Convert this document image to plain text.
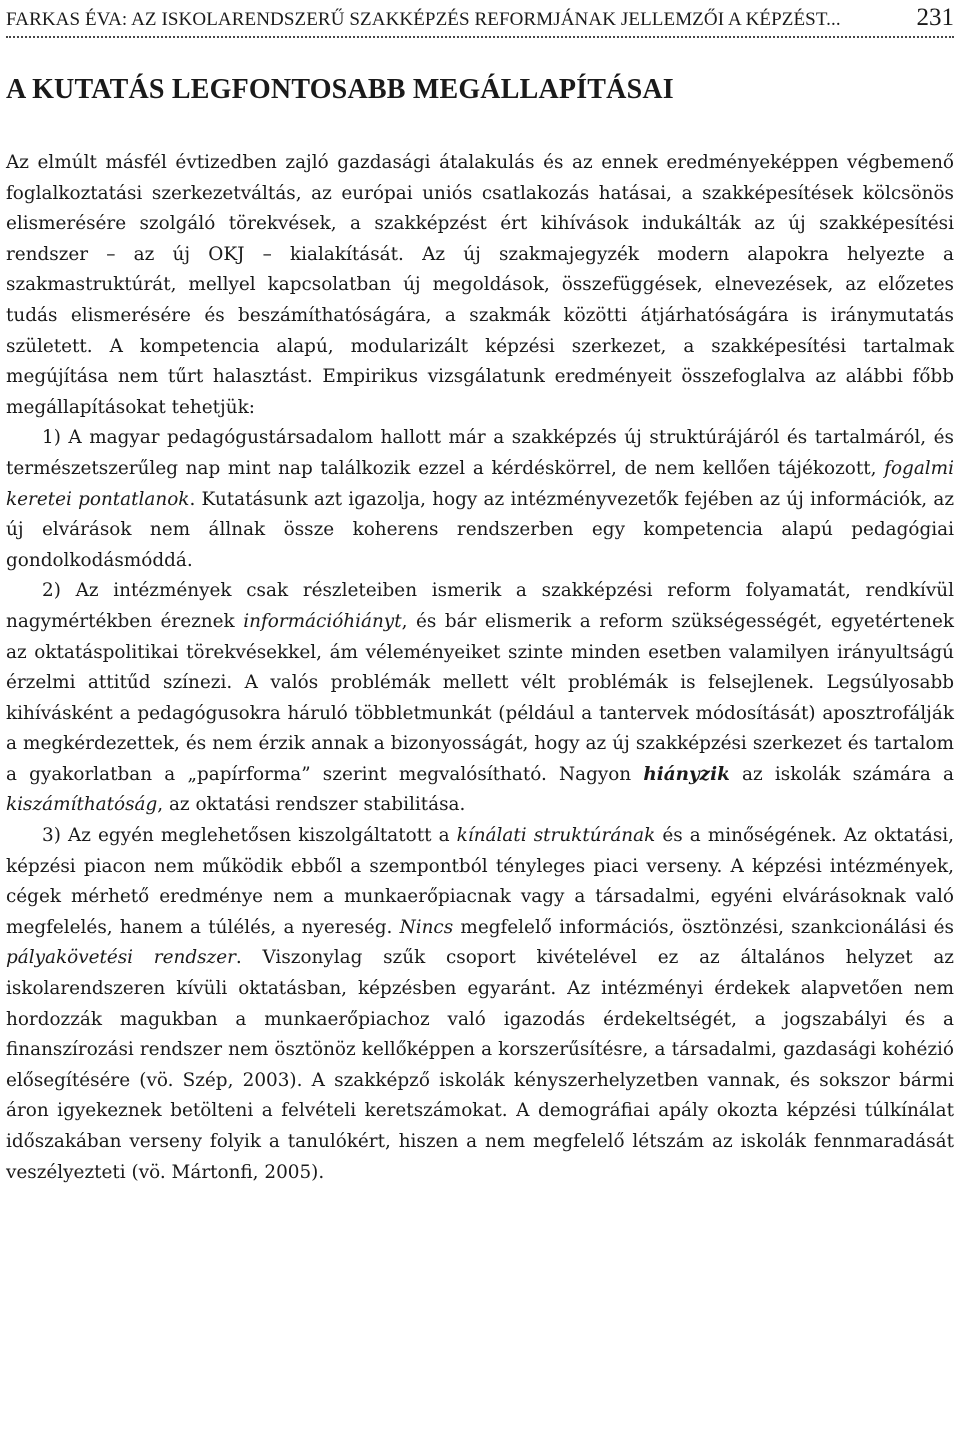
FARKAS ÉVA: AZ ISKOLARENDSZERŰ SZAKKÉPZÉS REFORMJÁNAK JELLEMZŐI A KÉPZÉST...	231
A KUTATÁS LEGFONTOSABB MEGÁLLAPÍTÁSAI

Az elmúlt másfél évtizedben zajló gazdasági átalakulás és az ennek eredményeképpen végbemenő foglalkoztatási szerkezetváltás, az európai uniós csatlakozás hatásai, a szakképesítések kölcsönös elismerésére szolgáló törekvések, a szakképzést ért kihívások indukálták az új szakképesítési rendszer – az új OKJ – kialakítását. Az új szakmajegyzék modern alapokra helyezte a szakmastruktúrát, mellyel kapcsolatban új megoldások, összefüggések, elnevezések, az előzetes tudás elismerésére és beszámíthatóságára, a szakmák közötti átjárhatóságára is iránymutatás született. A kompetencia alapú, modularizált képzési szerkezet, a szakképesítési tartalmak megújítása nem tűrt halasztást. Empirikus vizsgálatunk eredményeit összefoglalva az alábbi főbb megállapításokat tehetjük:

1) A magyar pedagógustársadalom hallott már a szakképzés új struktúrájáról és tartalmáról, és természetszerűleg nap mint nap találkozik ezzel a kérdéskörrel, de nem kellően tájékozott, fogalmi keretei pontatlanok. Kutatásunk azt igazolja, hogy az intézményvezetők fejében az új információk, az új elvárások nem állnak össze koherens rendszerben egy kompetencia alapú pedagógiai gondolkodásmóddá.

2) Az intézmények csak részleteiben ismerik a szakképzési reform folyamatát, rendkívül nagymértékben éreznek információhiányt, és bár elismerik a reform szükségességét, egyetértenek az oktatáspolitikai törekvésekkel, ám véleményeiket szinte minden esetben valamilyen irányultságú érzelmi attitűd színezi. A valós problémák mellett vélt problémák is felsejlenek. Legsúlyosabb kihívásként a pedagógusokra háruló többletmunkát (például a tantervek módosítását) aposztrofálják a megkérdezettek, és nem érzik annak a bizonyosságát, hogy az új szakképzési szerkezet és tartalom a gyakorlatban a „papírforma” szerint megvalósítható. Nagyon hiányzik az iskolák számára a kiszámíthatóság, az oktatási rendszer stabilitása.

3) Az egyén meglehetősen kiszolgáltatott a kínálati struktúrának és a minőségének. Az oktatási, képzési piacon nem működik ebből a szempontból tényleges piaci verseny. A képzési intézmények, cégek mérhető eredménye nem a munkaerőpiacnak vagy a társadalmi, egyéni elvárásoknak való megfelelés, hanem a túlélés, a nyereség. Nincs megfelelő információs, ösztönzési, szankcionálási és pályakövetési rendszer. Viszonylag szűk csoport kivételével ez az általános helyzet az iskolarendszeren kívüli oktatásban, képzésben egyaránt. Az intézményi érdekek alapvetően nem hordozzák magukban a munkaerőpiachoz való igazodás érdekeltségét, a jogszabályi és a finanszírozási rendszer nem ösztönöz kellőképpen a korszerűsítésre, a társadalmi, gazdasági kohézió elősegítésére (vö. Szép, 2003). A szakképző iskolák kényszerhelyzetben vannak, és sokszor bármi áron igyekeznek betölteni a felvételi keretszámokat. A demográfiai apály okozta képzési túlkínálat időszakában verseny folyik a tanulókért, hiszen a nem megfelelő létszám az iskolák fennmaradását veszélyezteti (vö. Mártonfi, 2005).
